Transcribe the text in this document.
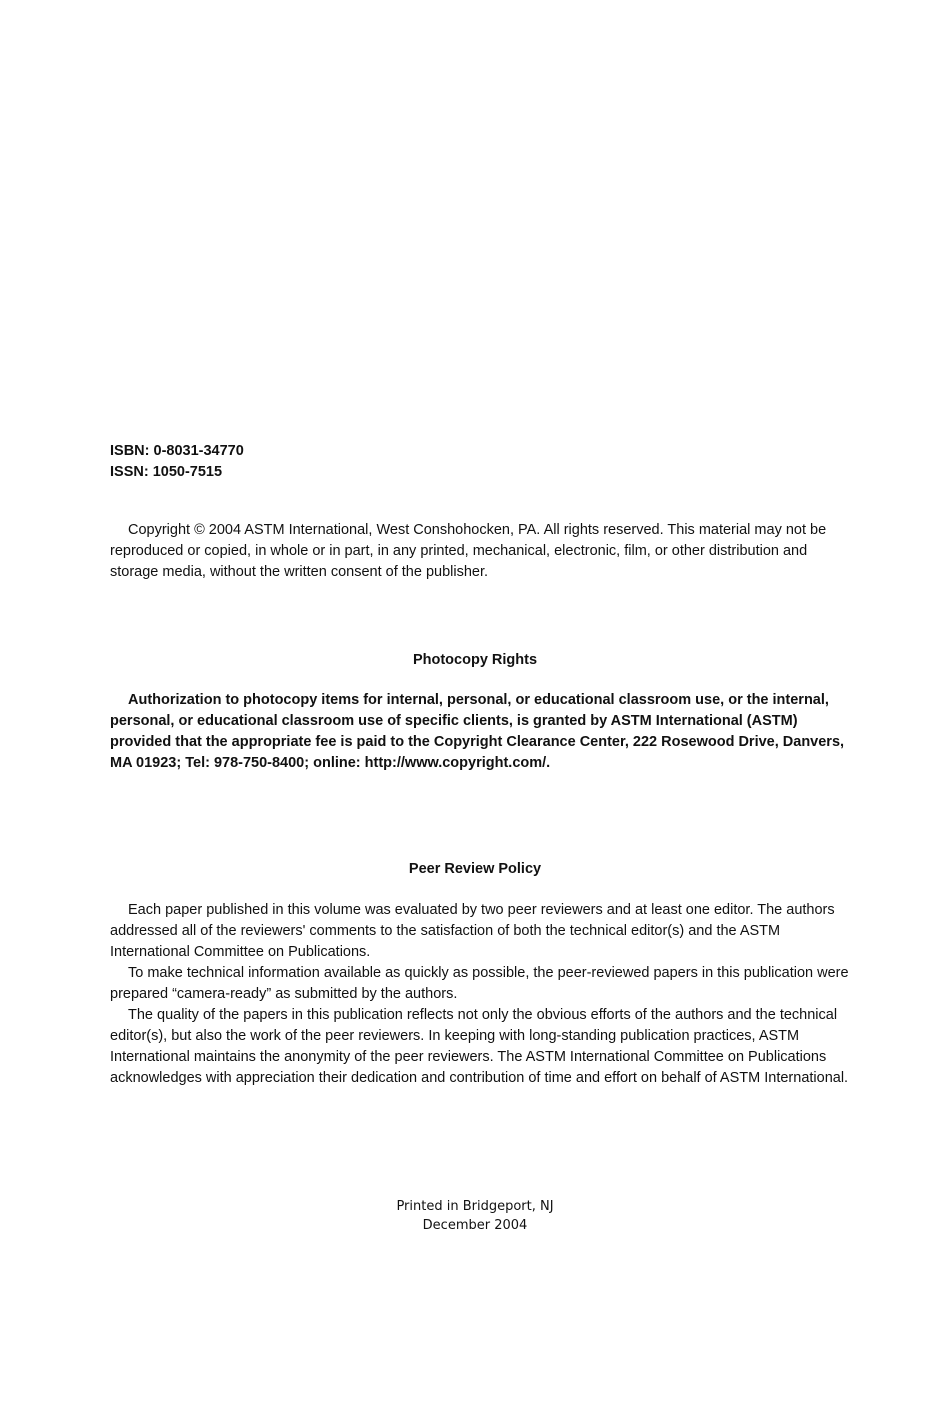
ISBN: 0-8031-34770
ISSN: 1050-7515

Copyright © 2004 ASTM International, West Conshohocken, PA. All rights reserved. This material may not be reproduced or copied, in whole or in part, in any printed, mechanical, electronic, film, or other distribution and storage media, without the written consent of the publisher.

Photocopy Rights

Authorization to photocopy items for internal, personal, or educational classroom use, or the internal, personal, or educational classroom use of specific clients, is granted by ASTM International (ASTM) provided that the appropriate fee is paid to the Copyright Clearance Center, 222 Rosewood Drive, Danvers, MA 01923; Tel: 978-750-8400; online: http://www.copyright.com/.

Peer Review Policy

Each paper published in this volume was evaluated by two peer reviewers and at least one editor. The authors addressed all of the reviewers' comments to the satisfaction of both the technical editor(s) and the ASTM International Committee on Publications.

To make technical information available as quickly as possible, the peer-reviewed papers in this publication were prepared “camera-ready” as submitted by the authors.

The quality of the papers in this publication reflects not only the obvious efforts of the authors and the technical editor(s), but also the work of the peer reviewers. In keeping with long-standing publication practices, ASTM International maintains the anonymity of the peer reviewers. The ASTM International Committee on Publications acknowledges with appreciation their dedication and contribution of time and effort on behalf of ASTM International.

Printed in Bridgeport, NJ
December 2004
